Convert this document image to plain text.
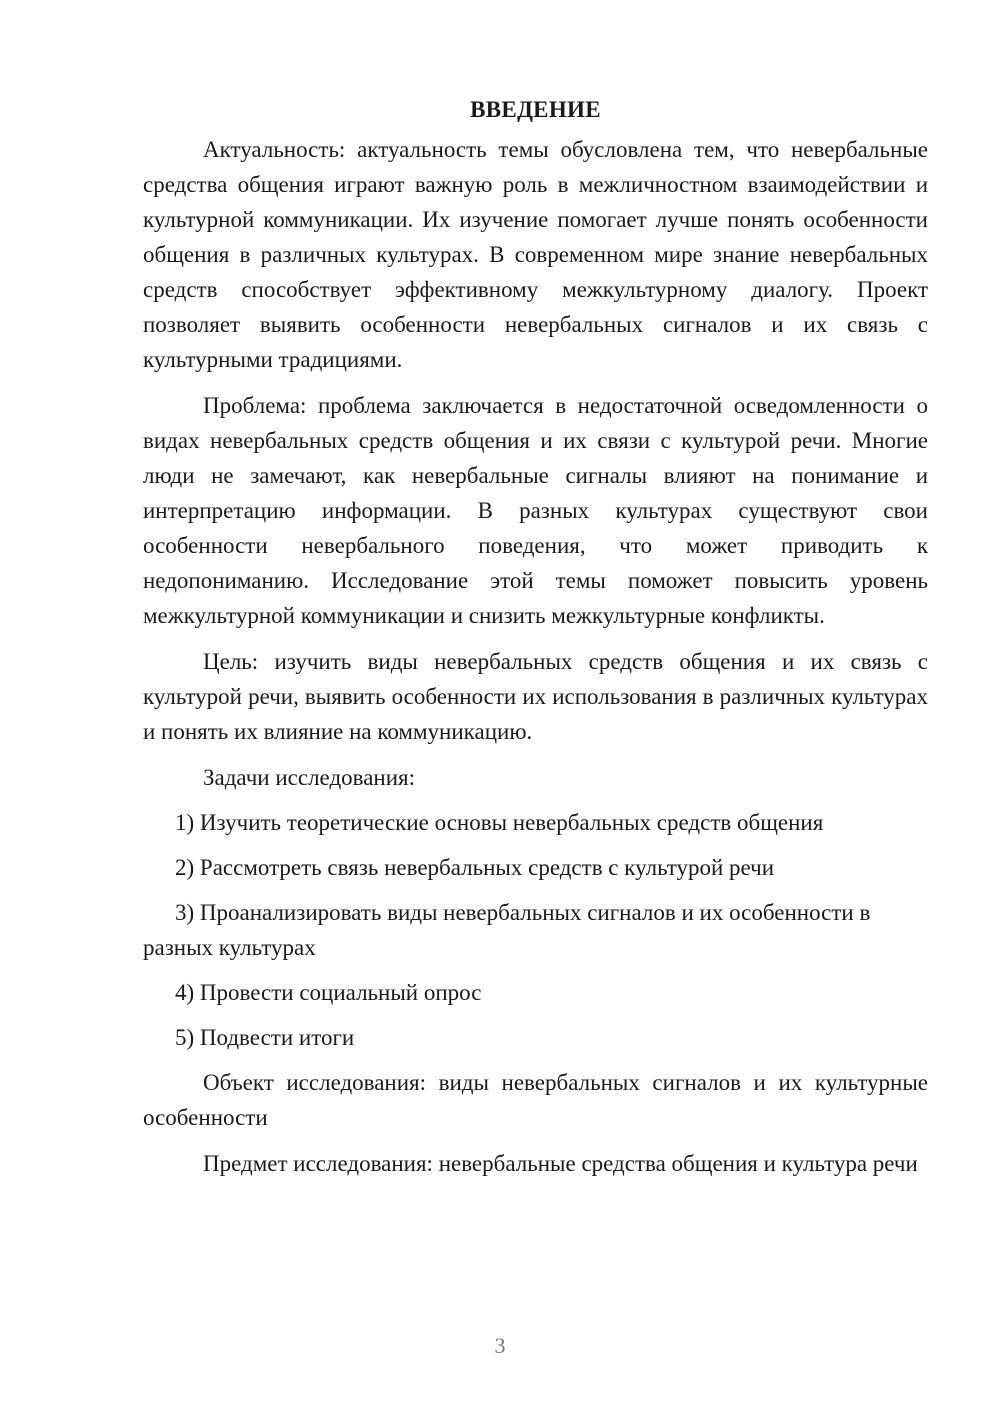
ВВЕДЕНИЕ

Актуальность: актуальность темы обусловлена тем, что невербальные средства общения играют важную роль в межличностном взаимодействии и культурной коммуникации. Их изучение помогает лучше понять особенности общения в различных культурах. В современном мире знание невербальных средств способствует эффективному межкультурному диалогу. Проект позволяет выявить особенности невербальных сигналов и их связь с культурными традициями.

Проблема: проблема заключается в недостаточной осведомленности о видах невербальных средств общения и их связи с культурой речи. Многие люди не замечают, как невербальные сигналы влияют на понимание и интерпретацию информации. В разных культурах существуют свои особенности невербального поведения, что может приводить к недопониманию. Исследование этой темы поможет повысить уровень межкультурной коммуникации и снизить межкультурные конфликты.

Цель: изучить виды невербальных средств общения и их связь с культурой речи, выявить особенности их использования в различных культурах и понять их влияние на коммуникацию.

Задачи исследования:

1) Изучить теоретические основы невербальных средств общения

2) Рассмотреть связь невербальных средств с культурой речи

3) Проанализировать виды невербальных сигналов и их особенности в разных культурах

4) Провести социальный опрос

5) Подвести итоги

Объект исследования: виды невербальных сигналов и их культурные особенности

Предмет исследования: невербальные средства общения и культура речи

3
